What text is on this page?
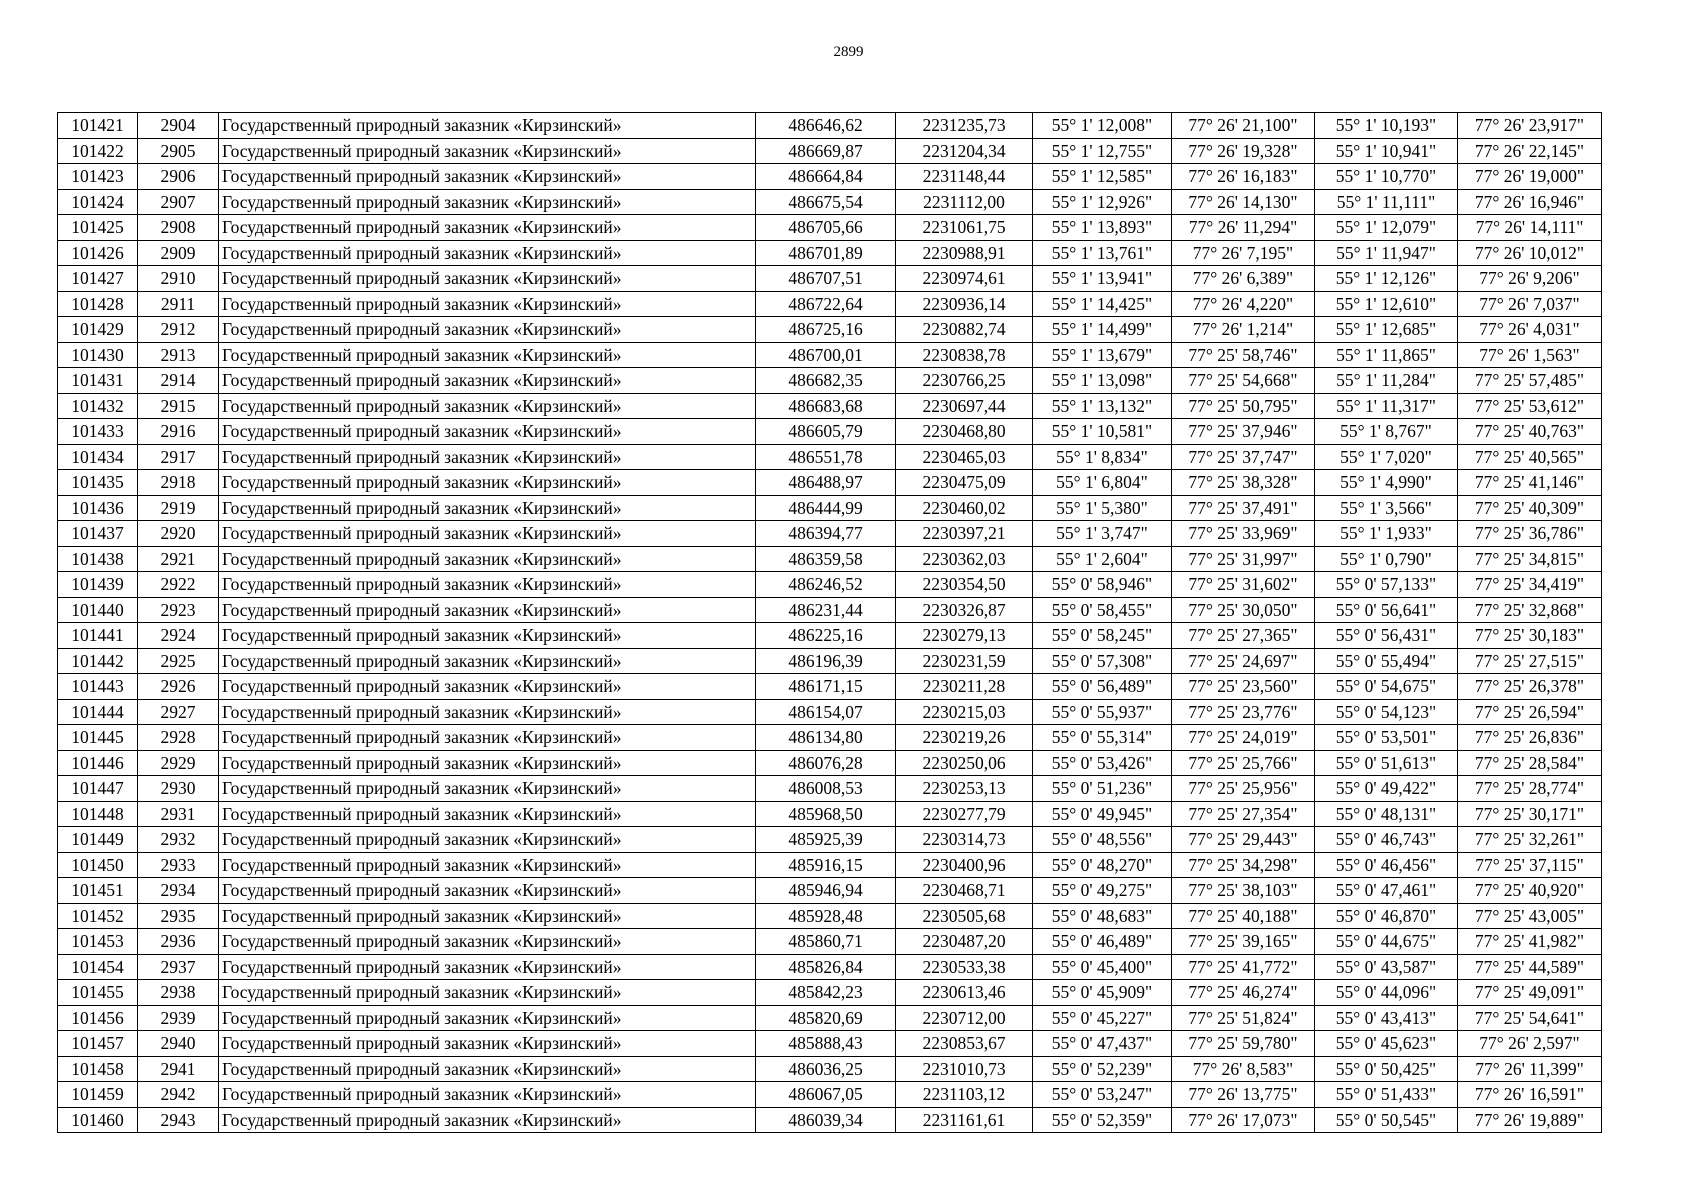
2899
101421	2904	Государственный природный заказник «Кирзинский»	486646,62	2231235,73	55° 1' 12,008"	77° 26' 21,100"	55° 1' 10,193"	77° 26' 23,917"
101422	2905	Государственный природный заказник «Кирзинский»	486669,87	2231204,34	55° 1' 12,755"	77° 26' 19,328"	55° 1' 10,941"	77° 26' 22,145"
101423	2906	Государственный природный заказник «Кирзинский»	486664,84	2231148,44	55° 1' 12,585"	77° 26' 16,183"	55° 1' 10,770"	77° 26' 19,000"
101424	2907	Государственный природный заказник «Кирзинский»	486675,54	2231112,00	55° 1' 12,926"	77° 26' 14,130"	55° 1' 11,111"	77° 26' 16,946"
101425	2908	Государственный природный заказник «Кирзинский»	486705,66	2231061,75	55° 1' 13,893"	77° 26' 11,294"	55° 1' 12,079"	77° 26' 14,111"
101426	2909	Государственный природный заказник «Кирзинский»	486701,89	2230988,91	55° 1' 13,761"	77° 26' 7,195"	55° 1' 11,947"	77° 26' 10,012"
101427	2910	Государственный природный заказник «Кирзинский»	486707,51	2230974,61	55° 1' 13,941"	77° 26' 6,389"	55° 1' 12,126"	77° 26' 9,206"
101428	2911	Государственный природный заказник «Кирзинский»	486722,64	2230936,14	55° 1' 14,425"	77° 26' 4,220"	55° 1' 12,610"	77° 26' 7,037"
101429	2912	Государственный природный заказник «Кирзинский»	486725,16	2230882,74	55° 1' 14,499"	77° 26' 1,214"	55° 1' 12,685"	77° 26' 4,031"
101430	2913	Государственный природный заказник «Кирзинский»	486700,01	2230838,78	55° 1' 13,679"	77° 25' 58,746"	55° 1' 11,865"	77° 26' 1,563"
101431	2914	Государственный природный заказник «Кирзинский»	486682,35	2230766,25	55° 1' 13,098"	77° 25' 54,668"	55° 1' 11,284"	77° 25' 57,485"
101432	2915	Государственный природный заказник «Кирзинский»	486683,68	2230697,44	55° 1' 13,132"	77° 25' 50,795"	55° 1' 11,317"	77° 25' 53,612"
101433	2916	Государственный природный заказник «Кирзинский»	486605,79	2230468,80	55° 1' 10,581"	77° 25' 37,946"	55° 1' 8,767"	77° 25' 40,763"
101434	2917	Государственный природный заказник «Кирзинский»	486551,78	2230465,03	55° 1' 8,834"	77° 25' 37,747"	55° 1' 7,020"	77° 25' 40,565"
101435	2918	Государственный природный заказник «Кирзинский»	486488,97	2230475,09	55° 1' 6,804"	77° 25' 38,328"	55° 1' 4,990"	77° 25' 41,146"
101436	2919	Государственный природный заказник «Кирзинский»	486444,99	2230460,02	55° 1' 5,380"	77° 25' 37,491"	55° 1' 3,566"	77° 25' 40,309"
101437	2920	Государственный природный заказник «Кирзинский»	486394,77	2230397,21	55° 1' 3,747"	77° 25' 33,969"	55° 1' 1,933"	77° 25' 36,786"
101438	2921	Государственный природный заказник «Кирзинский»	486359,58	2230362,03	55° 1' 2,604"	77° 25' 31,997"	55° 1' 0,790"	77° 25' 34,815"
101439	2922	Государственный природный заказник «Кирзинский»	486246,52	2230354,50	55° 0' 58,946"	77° 25' 31,602"	55° 0' 57,133"	77° 25' 34,419"
101440	2923	Государственный природный заказник «Кирзинский»	486231,44	2230326,87	55° 0' 58,455"	77° 25' 30,050"	55° 0' 56,641"	77° 25' 32,868"
101441	2924	Государственный природный заказник «Кирзинский»	486225,16	2230279,13	55° 0' 58,245"	77° 25' 27,365"	55° 0' 56,431"	77° 25' 30,183"
101442	2925	Государственный природный заказник «Кирзинский»	486196,39	2230231,59	55° 0' 57,308"	77° 25' 24,697"	55° 0' 55,494"	77° 25' 27,515"
101443	2926	Государственный природный заказник «Кирзинский»	486171,15	2230211,28	55° 0' 56,489"	77° 25' 23,560"	55° 0' 54,675"	77° 25' 26,378"
101444	2927	Государственный природный заказник «Кирзинский»	486154,07	2230215,03	55° 0' 55,937"	77° 25' 23,776"	55° 0' 54,123"	77° 25' 26,594"
101445	2928	Государственный природный заказник «Кирзинский»	486134,80	2230219,26	55° 0' 55,314"	77° 25' 24,019"	55° 0' 53,501"	77° 25' 26,836"
101446	2929	Государственный природный заказник «Кирзинский»	486076,28	2230250,06	55° 0' 53,426"	77° 25' 25,766"	55° 0' 51,613"	77° 25' 28,584"
101447	2930	Государственный природный заказник «Кирзинский»	486008,53	2230253,13	55° 0' 51,236"	77° 25' 25,956"	55° 0' 49,422"	77° 25' 28,774"
101448	2931	Государственный природный заказник «Кирзинский»	485968,50	2230277,79	55° 0' 49,945"	77° 25' 27,354"	55° 0' 48,131"	77° 25' 30,171"
101449	2932	Государственный природный заказник «Кирзинский»	485925,39	2230314,73	55° 0' 48,556"	77° 25' 29,443"	55° 0' 46,743"	77° 25' 32,261"
101450	2933	Государственный природный заказник «Кирзинский»	485916,15	2230400,96	55° 0' 48,270"	77° 25' 34,298"	55° 0' 46,456"	77° 25' 37,115"
101451	2934	Государственный природный заказник «Кирзинский»	485946,94	2230468,71	55° 0' 49,275"	77° 25' 38,103"	55° 0' 47,461"	77° 25' 40,920"
101452	2935	Государственный природный заказник «Кирзинский»	485928,48	2230505,68	55° 0' 48,683"	77° 25' 40,188"	55° 0' 46,870"	77° 25' 43,005"
101453	2936	Государственный природный заказник «Кирзинский»	485860,71	2230487,20	55° 0' 46,489"	77° 25' 39,165"	55° 0' 44,675"	77° 25' 41,982"
101454	2937	Государственный природный заказник «Кирзинский»	485826,84	2230533,38	55° 0' 45,400"	77° 25' 41,772"	55° 0' 43,587"	77° 25' 44,589"
101455	2938	Государственный природный заказник «Кирзинский»	485842,23	2230613,46	55° 0' 45,909"	77° 25' 46,274"	55° 0' 44,096"	77° 25' 49,091"
101456	2939	Государственный природный заказник «Кирзинский»	485820,69	2230712,00	55° 0' 45,227"	77° 25' 51,824"	55° 0' 43,413"	77° 25' 54,641"
101457	2940	Государственный природный заказник «Кирзинский»	485888,43	2230853,67	55° 0' 47,437"	77° 25' 59,780"	55° 0' 45,623"	77° 26' 2,597"
101458	2941	Государственный природный заказник «Кирзинский»	486036,25	2231010,73	55° 0' 52,239"	77° 26' 8,583"	55° 0' 50,425"	77° 26' 11,399"
101459	2942	Государственный природный заказник «Кирзинский»	486067,05	2231103,12	55° 0' 53,247"	77° 26' 13,775"	55° 0' 51,433"	77° 26' 16,591"
101460	2943	Государственный природный заказник «Кирзинский»	486039,34	2231161,61	55° 0' 52,359"	77° 26' 17,073"	55° 0' 50,545"	77° 26' 19,889"
